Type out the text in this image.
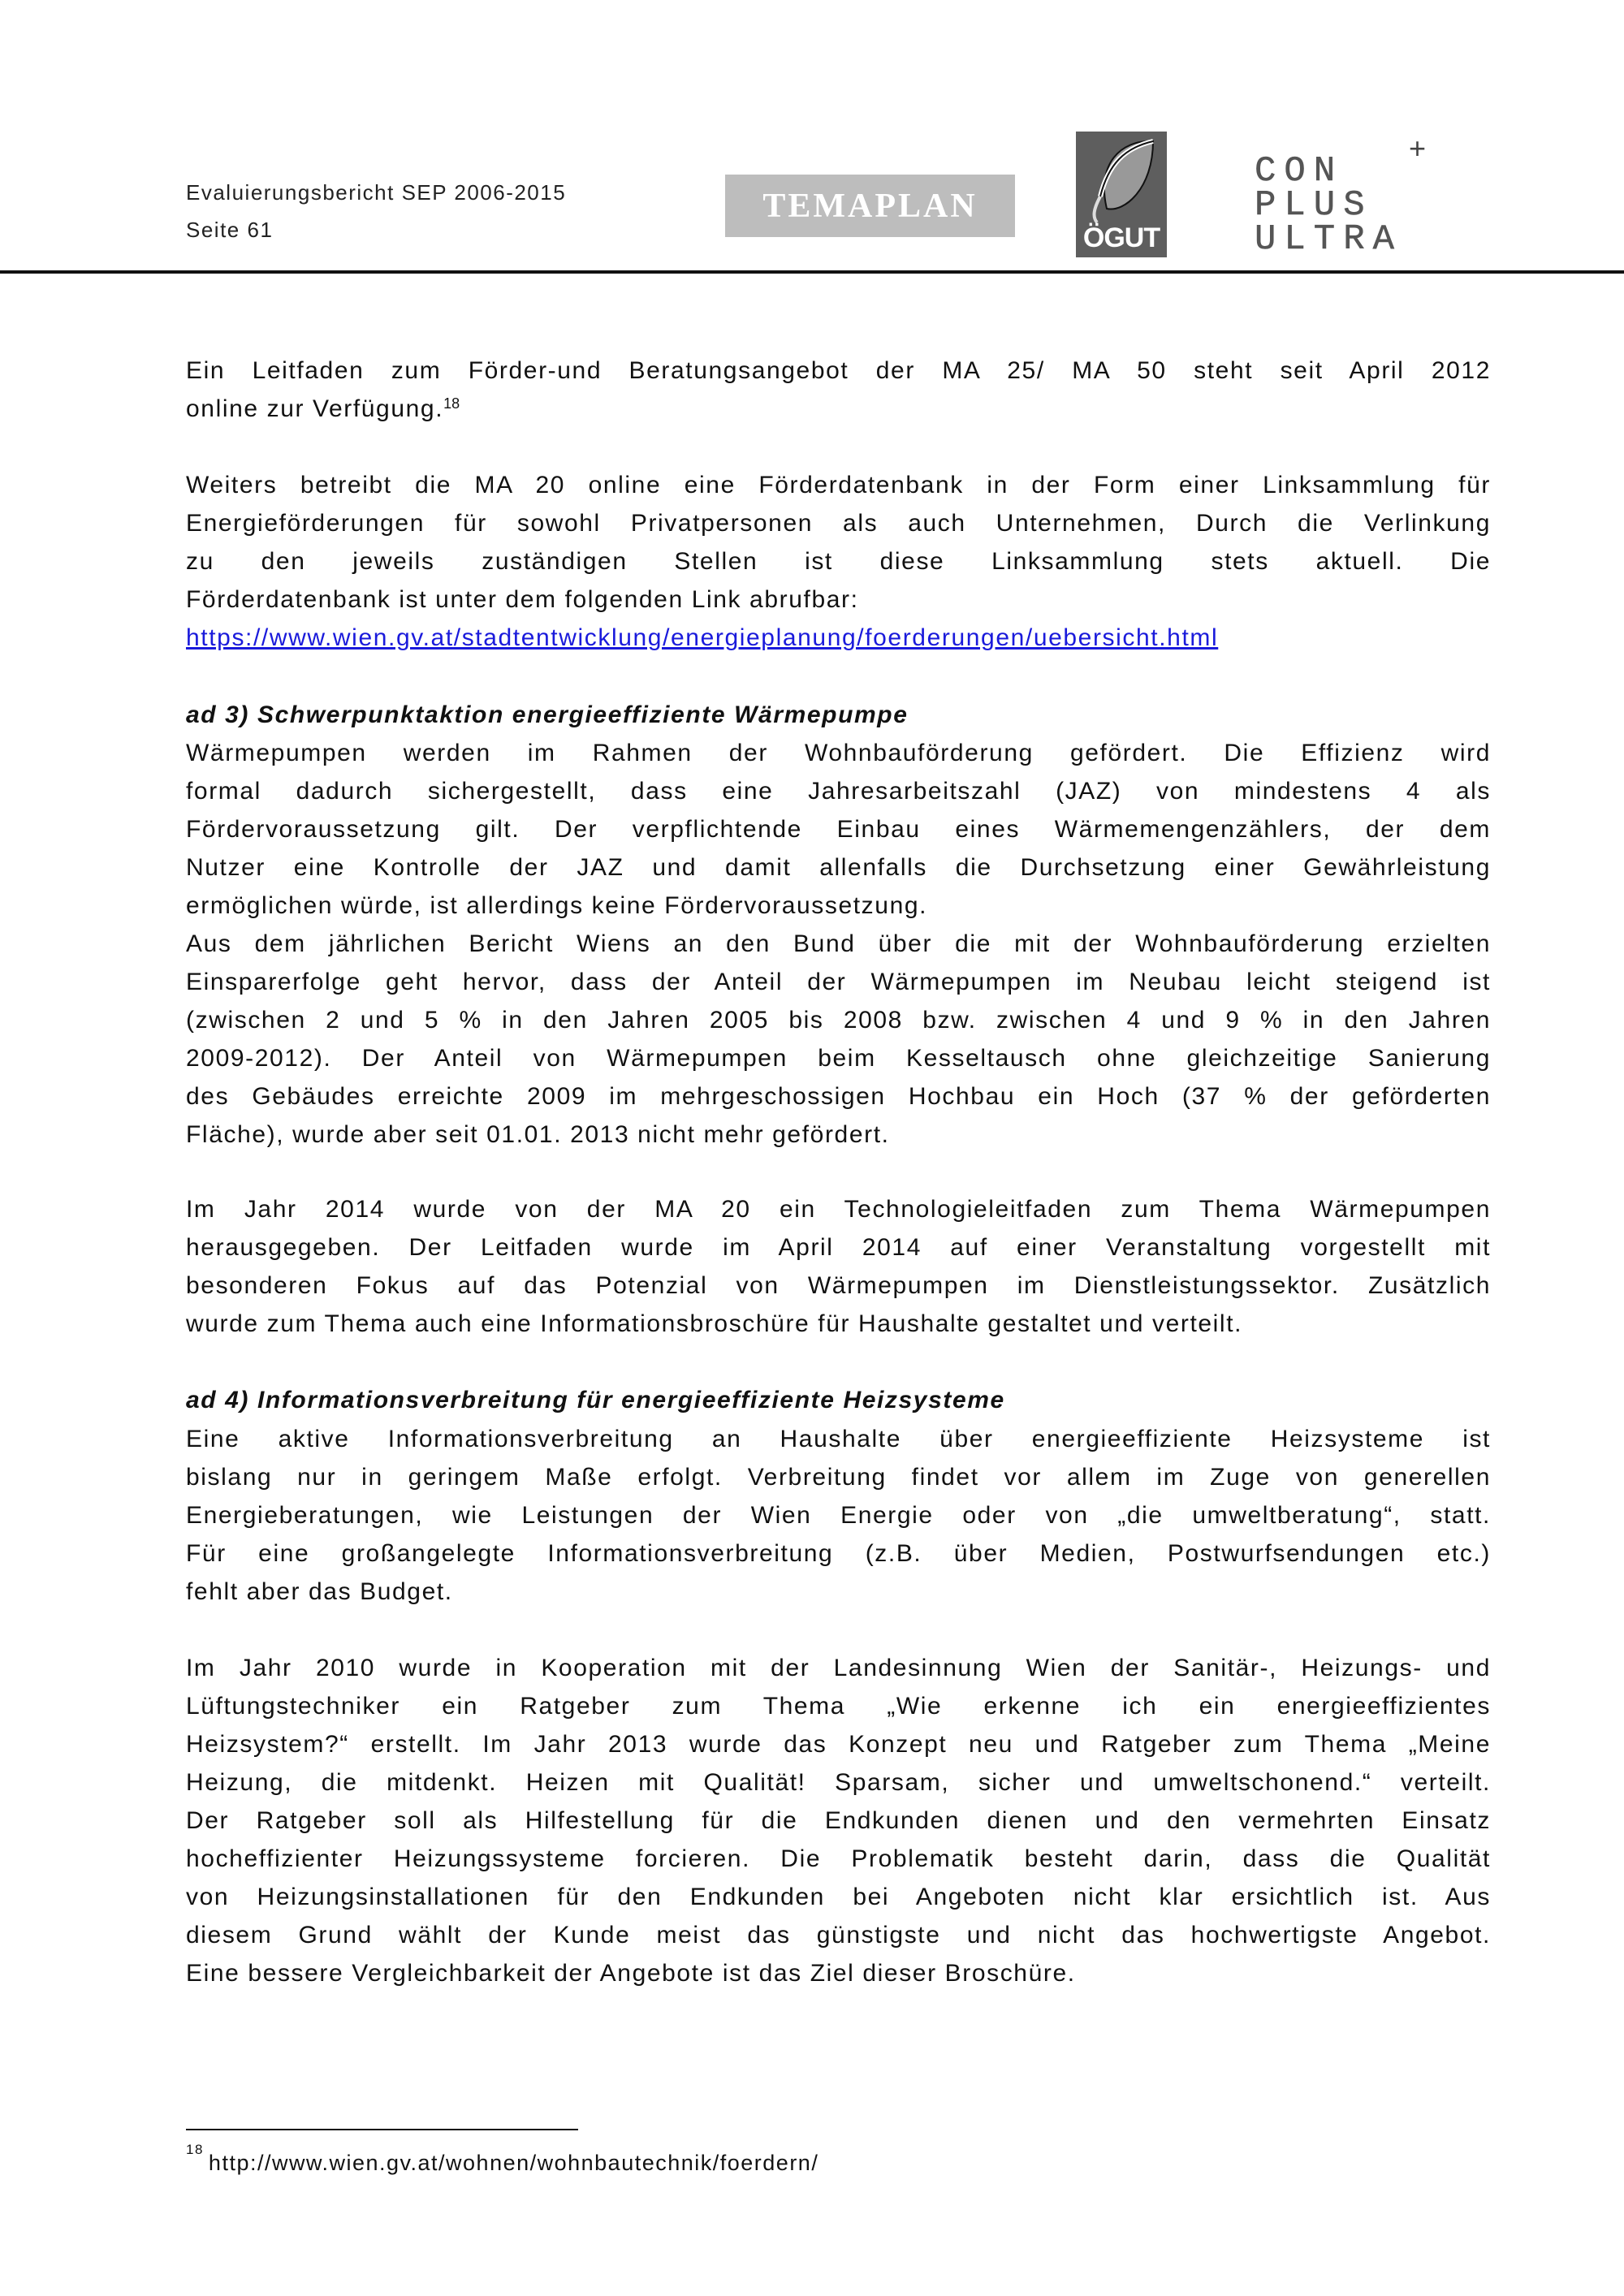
Evaluierungsbericht SEP 2006-2015
Seite 61
TEMAPLAN
ÖGUT
CON
PLUS
ULTRA
+
Ein Leitfaden zum Förder-und Beratungsangebot der MA 25/ MA 50 steht seit April 2012
online zur Verfügung.$^{18}$
Weiters betreibt die MA 20 online eine Förderdatenbank in der Form einer Linksammlung für
Energieförderungen für sowohl Privatpersonen als auch Unternehmen, Durch die Verlinkung
zu den jeweils zuständigen Stellen ist diese Linksammlung stets aktuell. Die
Förderdatenbank ist unter dem folgenden Link abrufbar:
https://www.wien.gv.at/stadtentwicklung/energieplanung/foerderungen/uebersicht.html
ad 3) Schwerpunktaktion energieeffiziente Wärmepumpe
Wärmepumpen werden im Rahmen der Wohnbauförderung gefördert. Die Effizienz wird
formal dadurch sichergestellt, dass eine Jahresarbeitszahl (JAZ) von mindestens 4 als
Fördervoraussetzung gilt. Der verpflichtende Einbau eines Wärmemengenzählers, der dem
Nutzer eine Kontrolle der JAZ und damit allenfalls die Durchsetzung einer Gewährleistung
ermöglichen würde, ist allerdings keine Fördervoraussetzung.
Aus dem jährlichen Bericht Wiens an den Bund über die mit der Wohnbauförderung erzielten
Einsparerfolge geht hervor, dass der Anteil der Wärmepumpen im Neubau leicht steigend ist
(zwischen 2 und 5 % in den Jahren 2005 bis 2008 bzw. zwischen 4 und 9 % in den Jahren
2009-2012). Der Anteil von Wärmepumpen beim Kesseltausch ohne gleichzeitige Sanierung
des Gebäudes erreichte 2009 im mehrgeschossigen Hochbau ein Hoch (37 % der geförderten
Fläche), wurde aber seit 01.01. 2013 nicht mehr gefördert.
Im Jahr 2014 wurde von der MA 20 ein Technologieleitfaden zum Thema Wärmepumpen
herausgegeben. Der Leitfaden wurde im April 2014 auf einer Veranstaltung vorgestellt mit
besonderen Fokus auf das Potenzial von Wärmepumpen im Dienstleistungssektor. Zusätzlich
wurde zum Thema auch eine Informationsbroschüre für Haushalte gestaltet und verteilt.
ad 4) Informationsverbreitung für energieeffiziente Heizsysteme
Eine aktive Informationsverbreitung an Haushalte über energieeffiziente Heizsysteme ist
bislang nur in geringem Maße erfolgt. Verbreitung findet vor allem im Zuge von generellen
Energieberatungen, wie Leistungen der Wien Energie oder von „die umweltberatung“, statt.
Für eine großangelegte Informationsverbreitung (z.B. über Medien, Postwurfsendungen etc.)
fehlt aber das Budget.
Im Jahr 2010 wurde in Kooperation mit der Landesinnung Wien der Sanitär-, Heizungs- und
Lüftungstechniker ein Ratgeber zum Thema „Wie erkenne ich ein energieeffizientes
Heizsystem?“ erstellt. Im Jahr 2013 wurde das Konzept neu und Ratgeber zum Thema „Meine
Heizung, die mitdenkt. Heizen mit Qualität! Sparsam, sicher und umweltschonend.“ verteilt.
Der Ratgeber soll als Hilfestellung für die Endkunden dienen und den vermehrten Einsatz
hocheffizienter Heizungssysteme forcieren. Die Problematik besteht darin, dass die Qualität
von Heizungsinstallationen für den Endkunden bei Angeboten nicht klar ersichtlich ist. Aus
diesem Grund wählt der Kunde meist das günstigste und nicht das hochwertigste Angebot.
Eine bessere Vergleichbarkeit der Angebote ist das Ziel dieser Broschüre.
$^{18}$http://www.wien.gv.at/wohnen/wohnbautechnik/foerdern/
